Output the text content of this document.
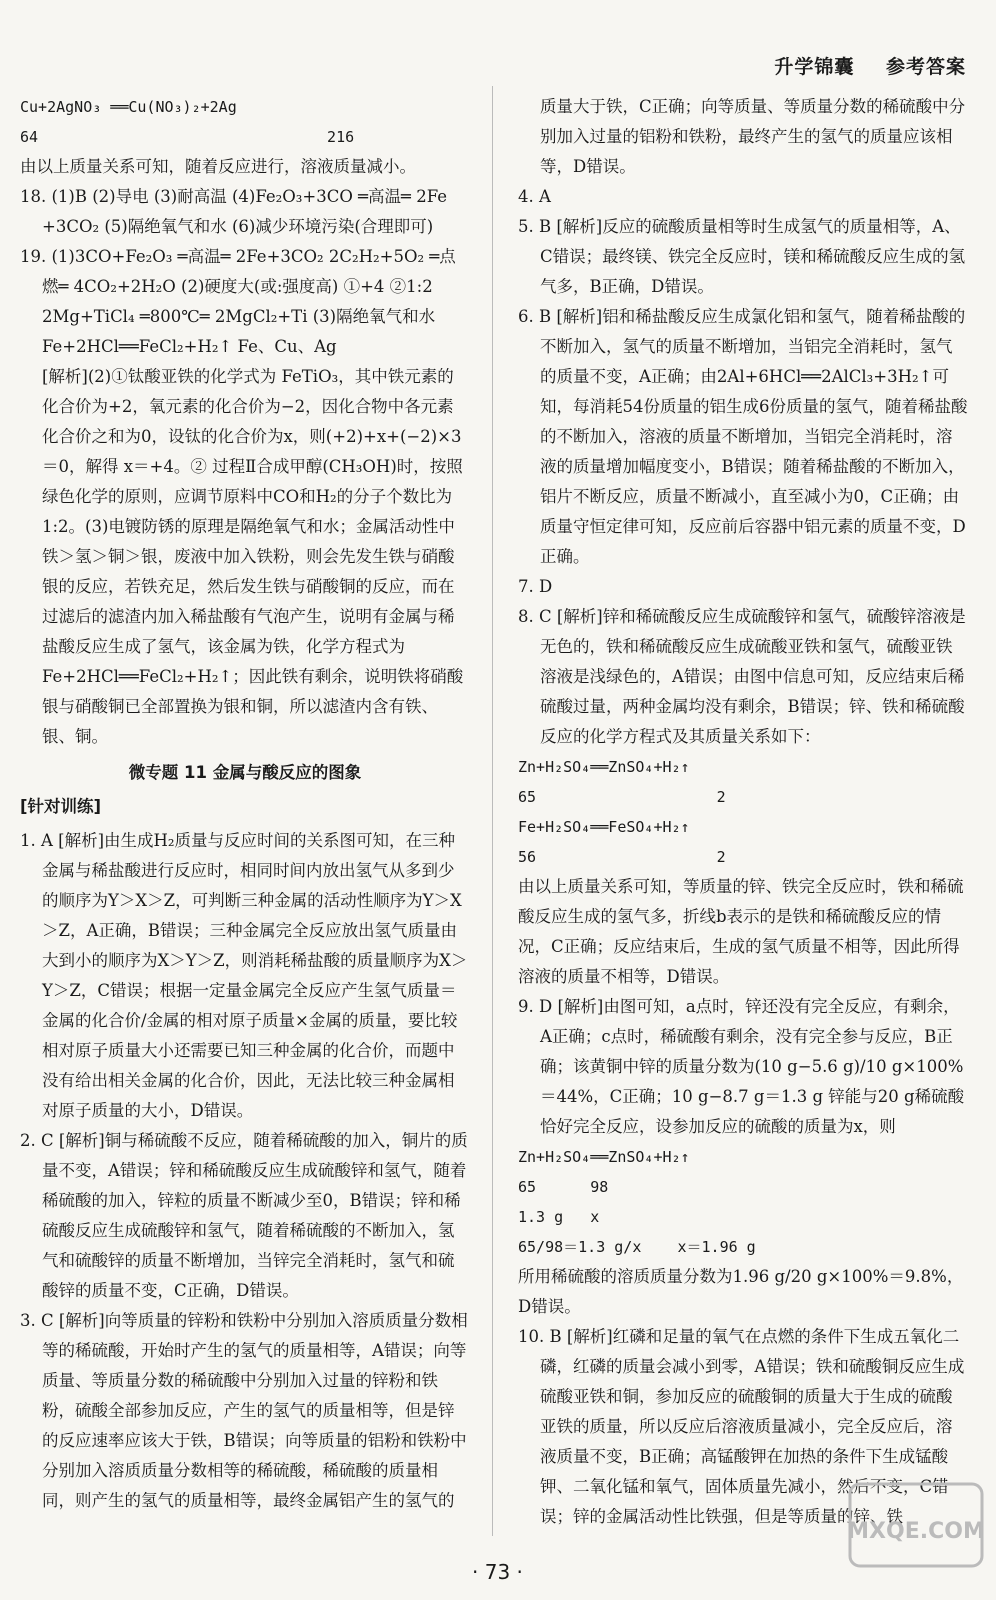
升学锦囊 参考答案

Cu+2AgNO₃ ══Cu(NO₃)₂+2Ag

64                                216

由以上质量关系可知，随着反应进行，溶液质量减小。

18. (1)B (2)导电 (3)耐高温 (4)Fe₂O₃+3CO ═高温═ 2Fe +3CO₂ (5)隔绝氧气和水 (6)减少环境污染(合理即可)

19. (1)3CO+Fe₂O₃ ═高温═ 2Fe+3CO₂ 2C₂H₂+5O₂ ═点燃═ 4CO₂+2H₂O (2)硬度大(或:强度高) ①+4 ②1:2 2Mg+TiCl₄ ═800℃═ 2MgCl₂+Ti (3)隔绝氧气和水 Fe+2HCl══FeCl₂+H₂↑ Fe、Cu、Ag

[解析](2)①钛酸亚铁的化学式为 FeTiO₃，其中铁元素的化合价为+2，氧元素的化合价为−2，因化合物中各元素化合价之和为0，设钛的化合价为x，则(+2)+x+(−2)×3＝0，解得 x＝+4。② 过程Ⅱ合成甲醇(CH₃OH)时，按照绿色化学的原则，应调节原料中CO和H₂的分子个数比为1:2。(3)电镀防锈的原理是隔绝氧气和水；金属活动性中铁＞氢＞铜＞银，废液中加入铁粉，则会先发生铁与硝酸银的反应，若铁充足，然后发生铁与硝酸铜的反应，而在过滤后的滤渣内加入稀盐酸有气泡产生，说明有金属与稀盐酸反应生成了氢气，该金属为铁，化学方程式为 Fe+2HCl══FeCl₂+H₂↑；因此铁有剩余，说明铁将硝酸银与硝酸铜已全部置换为银和铜，所以滤渣内含有铁、银、铜。

微专题 11 金属与酸反应的图象

[针对训练]

1. A [解析]由生成H₂质量与反应时间的关系图可知，在三种金属与稀盐酸进行反应时，相同时间内放出氢气从多到少的顺序为Y＞X＞Z，可判断三种金属的活动性顺序为Y＞X＞Z，A正确，B错误；三种金属完全反应放出氢气质量由大到小的顺序为X＞Y＞Z，则消耗稀盐酸的质量顺序为X＞Y＞Z，C错误；根据一定量金属完全反应产生氢气质量＝金属的化合价/金属的相对原子质量×金属的质量，要比较相对原子质量大小还需要已知三种金属的化合价，而题中没有给出相关金属的化合价，因此，无法比较三种金属相对原子质量的大小，D错误。

2. C [解析]铜与稀硫酸不反应，随着稀硫酸的加入，铜片的质量不变，A错误；锌和稀硫酸反应生成硫酸锌和氢气，随着稀硫酸的加入，锌粒的质量不断减少至0，B错误；锌和稀硫酸反应生成硫酸锌和氢气，随着稀硫酸的不断加入，氢气和硫酸锌的质量不断增加，当锌完全消耗时，氢气和硫酸锌的质量不变，C正确，D错误。

3. C [解析]向等质量的锌粉和铁粉中分别加入溶质质量分数相等的稀硫酸，开始时产生的氢气的质量相等，A错误；向等质量、等质量分数的稀硫酸中分别加入过量的锌粉和铁粉，硫酸全部参加反应，产生的氢气的质量相等，但是锌的反应速率应该大于铁，B错误；向等质量的铝粉和铁粉中分别加入溶质质量分数相等的稀硫酸，稀硫酸的质量相同，则产生的氢气的质量相等，最终金属铝产生的氢气的

质量大于铁，C正确；向等质量、等质量分数的稀硫酸中分别加入过量的铝粉和铁粉，最终产生的氢气的质量应该相等，D错误。

4. A

5. B [解析]反应的硫酸质量相等时生成氢气的质量相等，A、C错误；最终镁、铁完全反应时，镁和稀硫酸反应生成的氢气多，B正确，D错误。

6. B [解析]铝和稀盐酸反应生成氯化铝和氢气，随着稀盐酸的不断加入，氢气的质量不断增加，当铝完全消耗时，氢气的质量不变，A正确；由2Al+6HCl══2AlCl₃+3H₂↑可知，每消耗54份质量的铝生成6份质量的氢气，随着稀盐酸的不断加入，溶液的质量不断增加，当铝完全消耗时，溶液的质量增加幅度变小，B错误；随着稀盐酸的不断加入，铝片不断反应，质量不断减小，直至减小为0，C正确；由质量守恒定律可知，反应前后容器中铝元素的质量不变，D正确。

7. D

8. C [解析]锌和稀硫酸反应生成硫酸锌和氢气，硫酸锌溶液是无色的，铁和稀硫酸反应生成硫酸亚铁和氢气，硫酸亚铁溶液是浅绿色的，A错误；由图中信息可知，反应结束后稀硫酸过量，两种金属均没有剩余，B错误；锌、铁和稀硫酸反应的化学方程式及其质量关系如下：

Zn+H₂SO₄══ZnSO₄+H₂↑

65                    2

Fe+H₂SO₄══FeSO₄+H₂↑

56                    2

由以上质量关系可知，等质量的锌、铁完全反应时，铁和稀硫酸反应生成的氢气多，折线b表示的是铁和稀硫酸反应的情况，C正确；反应结束后，生成的氢气质量不相等，因此所得溶液的质量不相等，D错误。

9. D [解析]由图可知，a点时，锌还没有完全反应，有剩余，A正确；c点时，稀硫酸有剩余，没有完全参与反应，B正确；该黄铜中锌的质量分数为(10 g−5.6 g)/10 g×100%＝44%，C正确；10 g−8.7 g＝1.3 g 锌能与20 g稀硫酸恰好完全反应，设参加反应的硫酸的质量为x，则

Zn+H₂SO₄══ZnSO₄+H₂↑

65      98

1.3 g   x

65/98＝1.3 g/x    x＝1.96 g

所用稀硫酸的溶质质量分数为1.96 g/20 g×100%＝9.8%，D错误。

10. B [解析]红磷和足量的氧气在点燃的条件下生成五氧化二磷，红磷的质量会减小到零，A错误；铁和硫酸铜反应生成硫酸亚铁和铜，参加反应的硫酸铜的质量大于生成的硫酸亚铁的质量，所以反应后溶液质量减小，完全反应后，溶液质量不变，B正确；高锰酸钾在加热的条件下生成锰酸钾、二氧化锰和氧气，固体质量先减小，然后不变，C错误；锌的金属活动性比铁强，但是等质量的锌、铁

· 73 ·
MXQE.COM
